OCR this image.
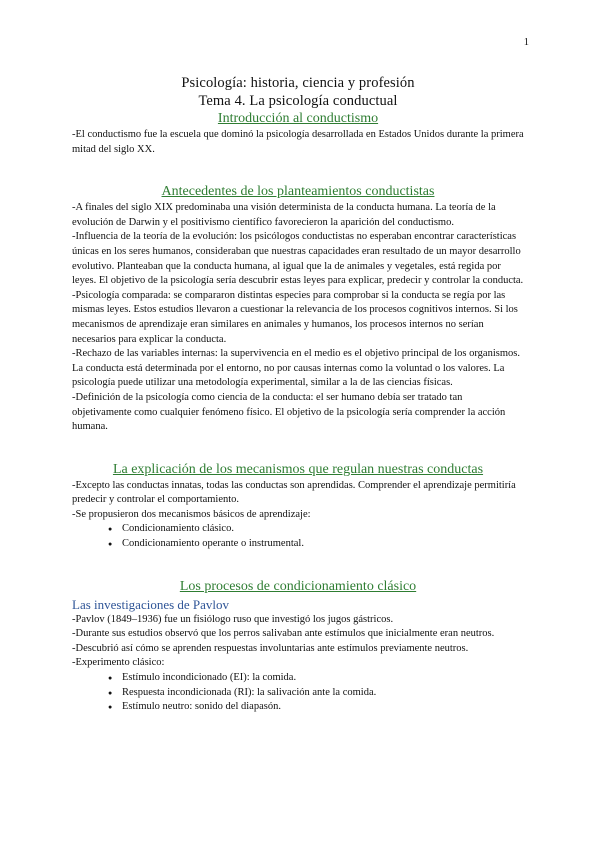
1
Psicología: historia, ciencia y profesión
Tema 4. La psicología conductual
Introducción al conductismo

-El conductismo fue la escuela que dominó la psicología desarrollada en Estados Unidos durante la primera mitad del siglo XX.

Antecedentes de los planteamientos conductistas

-A finales del siglo XIX predominaba una visión determinista de la conducta humana. La teoría de la evolución de Darwin y el positivismo científico favorecieron la aparición del conductismo.

-Influencia de la teoría de la evolución: los psicólogos conductistas no esperaban encontrar características únicas en los seres humanos, consideraban que nuestras capacidades eran resultado de un mayor desarrollo evolutivo. Planteaban que la conducta humana, al igual que la de animales y vegetales, está regida por leyes. El objetivo de la psicología sería descubrir estas leyes para explicar, predecir y controlar la conducta.

-Psicología comparada: se compararon distintas especies para comprobar si la conducta se regía por las mismas leyes. Estos estudios llevaron a cuestionar la relevancia de los procesos cognitivos internos. Si los mecanismos de aprendizaje eran similares en animales y humanos, los procesos internos no serían necesarios para explicar la conducta.

-Rechazo de las variables internas: la supervivencia en el medio es el objetivo principal de los organismos. La conducta está determinada por el entorno, no por causas internas como la voluntad o los valores. La psicología puede utilizar una metodología experimental, similar a la de las ciencias físicas.

-Definición de la psicología como ciencia de la conducta: el ser humano debía ser tratado tan objetivamente como cualquier fenómeno físico. El objetivo de la psicología sería comprender la acción humana.

La explicación de los mecanismos que regulan nuestras conductas

-Excepto las conductas innatas, todas las conductas son aprendidas. Comprender el aprendizaje permitiría predecir y controlar el comportamiento.

-Se propusieron dos mecanismos básicos de aprendizaje:

● Condicionamiento clásico.
● Condicionamiento operante o instrumental.
Los procesos de condicionamiento clásico
Las investigaciones de Pavlov

-Pavlov (1849–1936) fue un fisiólogo ruso que investigó los jugos gástricos.

-Durante sus estudios observó que los perros salivaban ante estímulos que inicialmente eran neutros.

-Descubrió así cómo se aprenden respuestas involuntarias ante estímulos previamente neutros.

-Experimento clásico:

● Estímulo incondicionado (EI): la comida.
● Respuesta incondicionada (RI): la salivación ante la comida.
● Estímulo neutro: sonido del diapasón.
